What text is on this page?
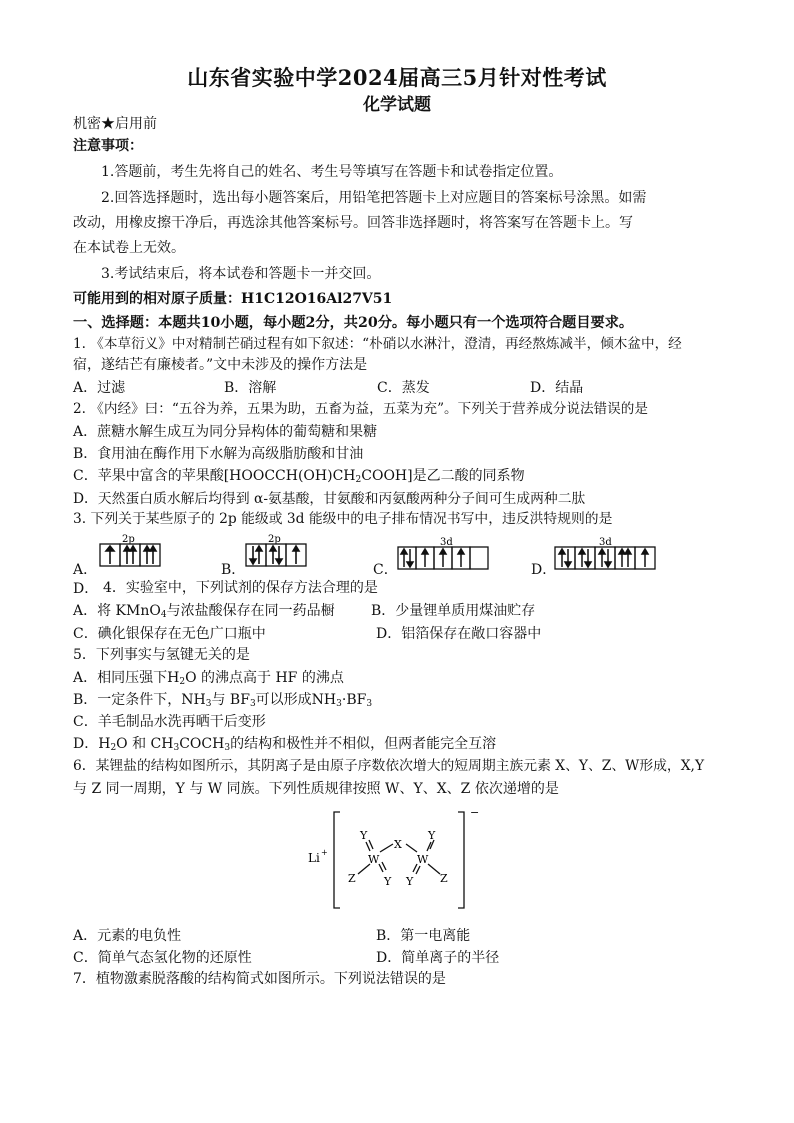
山东省实验中学2024届高三5月针对性考试
化学试题
机密★启用前
注意事项：
1.答题前，考生先将自己的姓名、考生号等填写在答题卡和试卷指定位置。
2.回答选择题时，选出每小题答案后，用铅笔把答题卡上对应题目的答案标号涂黑。如需
改动，用橡皮擦干净后，再选涂其他答案标号。回答非选择题时，将答案写在答题卡上。写
在本试卷上无效。
3.考试结束后，将本试卷和答题卡一并交回。
可能用到的相对原子质量：H1C12O16Al27V51
一、选择题：本题共10小题，每小题2分，共20分。每小题只有一个选项符合题目要求。
1. 《本草衍义》中对精制芒硝过程有如下叙述：“朴硝以水淋汁，澄清，再经熬炼减半，倾木盆中，经
宿，遂结芒有廉棱者。”文中未涉及的操作方法是
A．过滤	B．溶解	C．蒸发	D．结晶
2. 《内经》曰：“五谷为养，五果为助，五畜为益，五菜为充”。下列关于营养成分说法错误的是
A．蔗糖水解生成互为同分异构体的葡萄糖和果糖
B．食用油在酶作用下水解为高级脂肪酸和甘油
C．苹果中富含的苹果酸$[HOOCCH(OH)CH_2COOH]$是乙二酸的同系物
D．天然蛋白质水解后均得到 α-氨基酸，甘氨酸和丙氨酸两种分子间可生成两种二肽
3. 下列关于某些原子的 2p 能级或 3d 能级中的电子排布情况书写中，违反洪特规则的是
A．	B．	C．	D．
2p	2p	3d	3d
4．实验室中，下列试剂的保存方法合理的是
A．将 KMnO$_4$与浓盐酸保存在同一药品橱	B．少量锂单质用煤油贮存
C．碘化银保存在无色广口瓶中	D．铝箔保存在敞口容器中
5．下列事实与氢键无关的是
A．相同压强下$H_2O$ 的沸点高于 HF 的沸点
B．一定条件下，$NH_3$与 $BF_3$可以形成$NH_3\cdot BF_3$
C．羊毛制品水洗再晒干后变形
D．$H_2O$ 和 $CH_3COCH_3$的结构和极性并不相似，但两者能完全互溶
6．某锂盐的结构如图所示，其阴离子是由原子序数依次增大的短周期主族元素 X、Y、Z、W形成，X,Y
与 Z 同一周期，Y 与 W 同族。下列性质规律按照 W、Y、X、Z 依次递增的是
Li +
−
Y	Y
X
W	W
Z	Z
Y Y
A．元素的电负性	B．第一电离能
C．简单气态氢化物的还原性	D．简单离子的半径
7．植物激素脱落酸的结构简式如图所示。下列说法错误的是
D．
